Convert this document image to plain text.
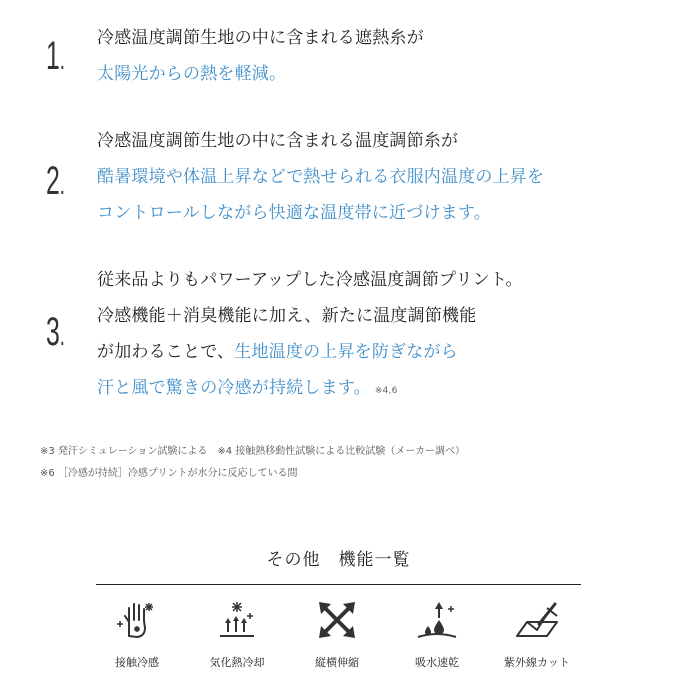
1.
冷感温度調節生地の中に含まれる遮熱糸が
太陽光からの熱を軽減。
2.
冷感温度調節生地の中に含まれる温度調節糸が
酷暑環境や体温上昇などで熱せられる衣服内温度の上昇を
コントロールしながら快適な温度帯に近づけます。
3.
従来品よりもパワーアップした冷感温度調節プリント。
冷感機能＋消臭機能に加え、新たに温度調節機能
が加わることで、生地温度の上昇を防ぎながら
汗と風で驚きの冷感が持続します。 ※4,6
※3 発汗シミュレーション試験による　※4 接触熱移動性試験による比較試験（メーカー調べ）
※6 ［冷感が持続］冷感プリントが水分に反応している間
その他　機能一覧
接触冷感	気化熱冷却	縦横伸縮	吸水速乾	紫外線カット
